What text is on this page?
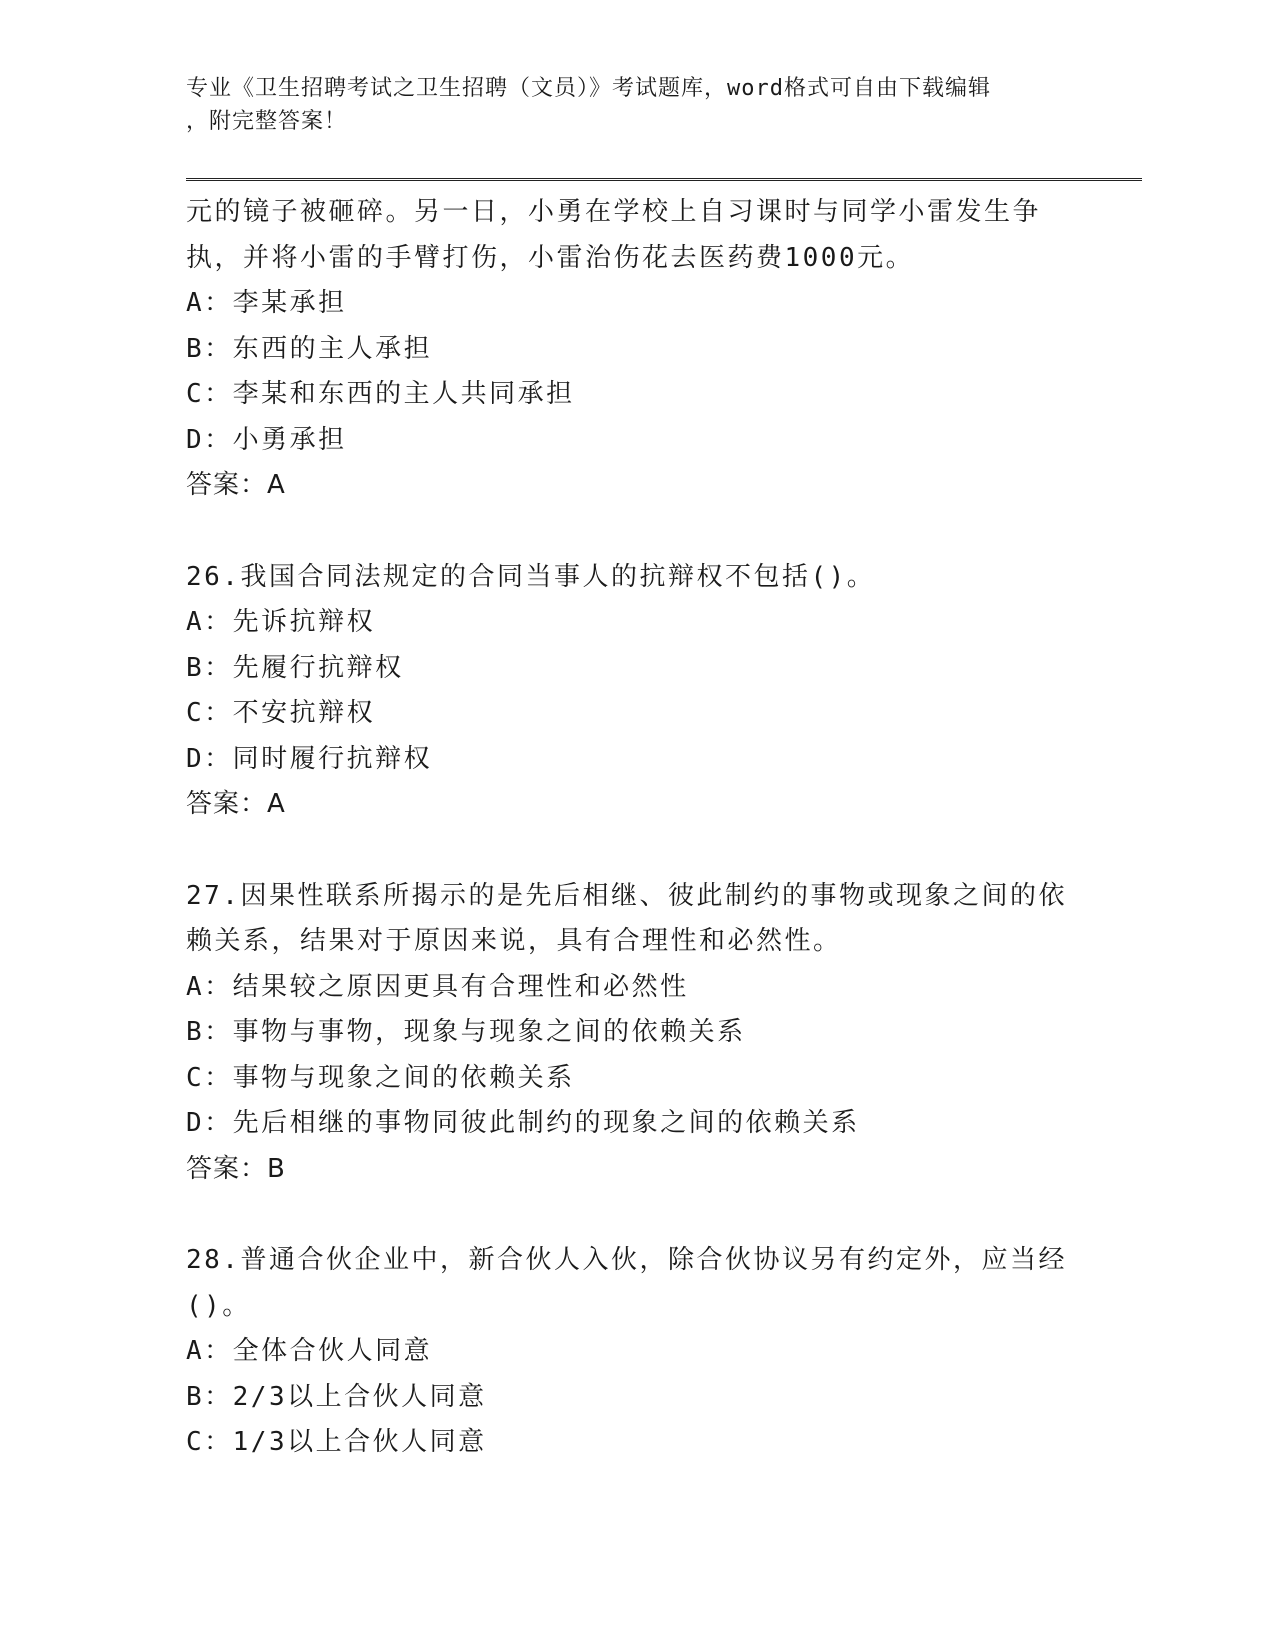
专业《卫生招聘考试之卫生招聘（文员）》考试题库，word格式可自由下载编辑
，附完整答案！
元的镜子被砸碎。另一日，小勇在学校上自习课时与同学小雷发生争
执，并将小雷的手臂打伤，小雷治伤花去医药费1000元。
A：李某承担
B：东西的主人承担
C：李某和东西的主人共同承担
D：小勇承担
答案：A
26.我国合同法规定的合同当事人的抗辩权不包括()。
A：先诉抗辩权
B：先履行抗辩权
C：不安抗辩权
D：同时履行抗辩权
答案：A
27.因果性联系所揭示的是先后相继、彼此制约的事物或现象之间的依
赖关系，结果对于原因来说，具有合理性和必然性。
A：结果较之原因更具有合理性和必然性
B：事物与事物，现象与现象之间的依赖关系
C：事物与现象之间的依赖关系
D：先后相继的事物同彼此制约的现象之间的依赖关系
答案：B
28.普通合伙企业中，新合伙人入伙，除合伙协议另有约定外，应当经
()。
A：全体合伙人同意
B：2/3以上合伙人同意
C：1/3以上合伙人同意
